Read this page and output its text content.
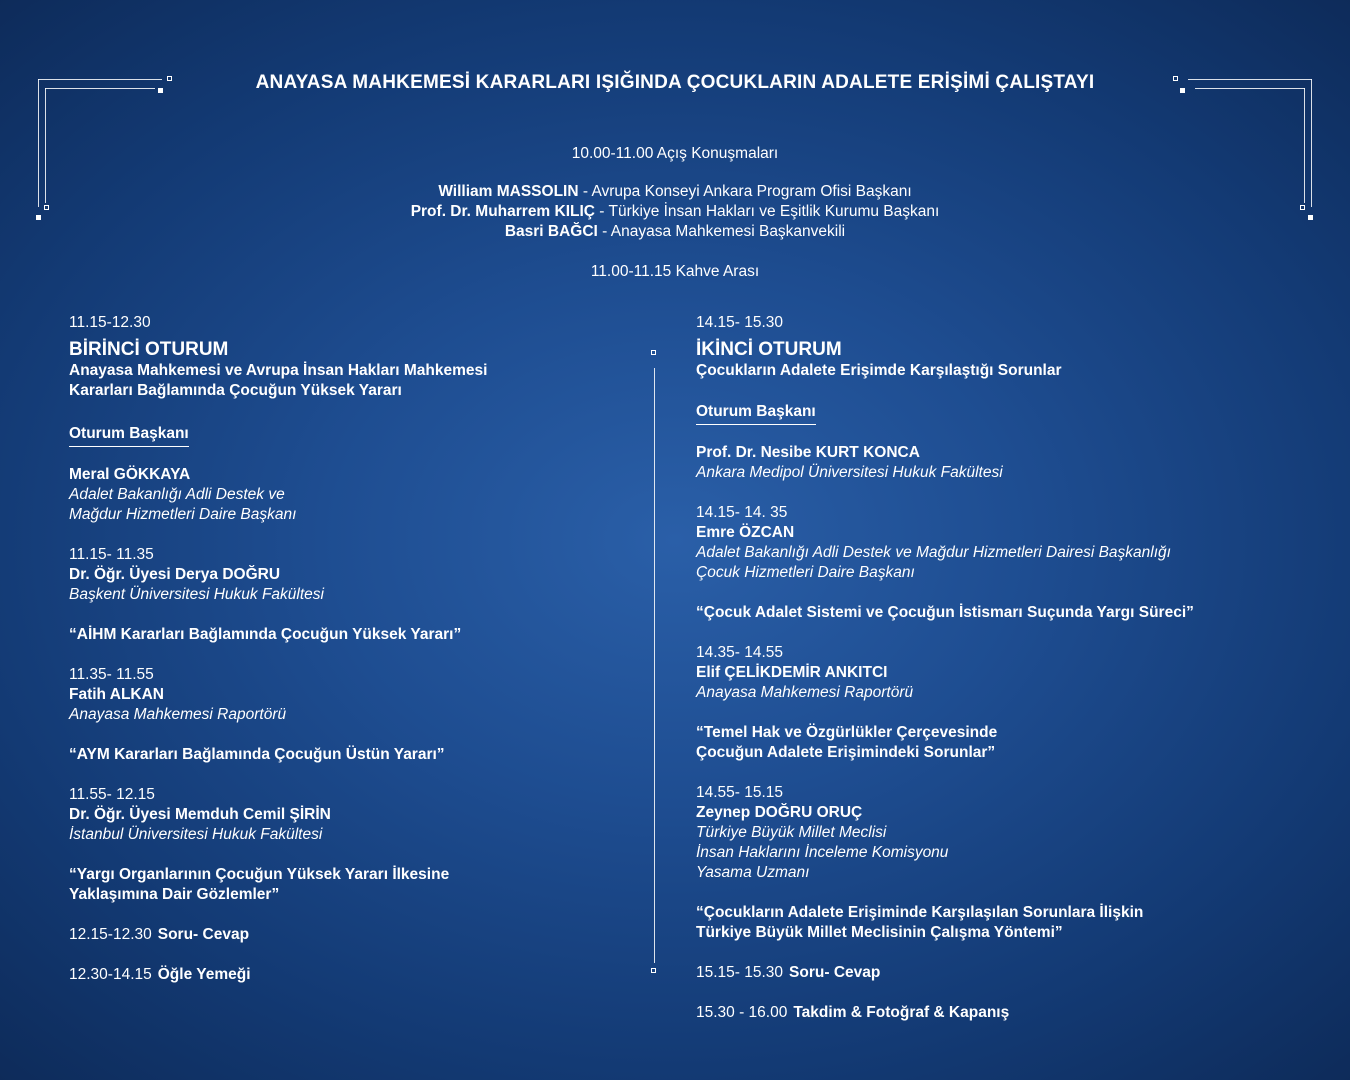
ANAYASA MAHKEMESİ KARARLARI IŞIĞINDA ÇOCUKLARIN ADALETE ERİŞİMİ ÇALIŞTAYI
10.00-11.00 Açış Konuşmaları
William MASSOLIN - Avrupa Konseyi Ankara Program Ofisi Başkanı
Prof. Dr. Muharrem KILIÇ - Türkiye İnsan Hakları ve Eşitlik Kurumu Başkanı
Basri BAĞCI - Anayasa Mahkemesi Başkanvekili
11.00-11.15 Kahve Arası
11.15-12.30
BİRİNCİ OTURUM
Anayasa Mahkemesi ve Avrupa İnsan Hakları Mahkemesi
Kararları Bağlamında Çocuğun Yüksek Yararı
Oturum Başkanı
Meral GÖKKAYA
Adalet Bakanlığı Adli Destek ve
Mağdur Hizmetleri Daire Başkanı
11.15- 11.35
Dr. Öğr. Üyesi Derya DOĞRU
Başkent Üniversitesi Hukuk Fakültesi
“AİHM Kararları Bağlamında Çocuğun Yüksek Yararı”
11.35- 11.55
Fatih ALKAN
Anayasa Mahkemesi Raportörü
“AYM Kararları Bağlamında Çocuğun Üstün Yararı”
11.55- 12.15
Dr. Öğr. Üyesi Memduh Cemil ŞİRİN
İstanbul Üniversitesi Hukuk Fakültesi
“Yargı Organlarının Çocuğun Yüksek Yararı İlkesine
Yaklaşımına Dair Gözlemler”
12.15-12.30 Soru- Cevap
12.30-14.15 Öğle Yemeği
14.15- 15.30
İKİNCİ OTURUM
Çocukların Adalete Erişimde Karşılaştığı Sorunlar
Oturum Başkanı
Prof. Dr. Nesibe KURT KONCA
Ankara Medipol Üniversitesi Hukuk Fakültesi
14.15- 14. 35
Emre ÖZCAN
Adalet Bakanlığı Adli Destek ve Mağdur Hizmetleri Dairesi Başkanlığı
Çocuk Hizmetleri Daire Başkanı
“Çocuk Adalet Sistemi ve Çocuğun İstismarı Suçunda Yargı Süreci”
14.35- 14.55
Elif ÇELİKDEMİR ANKITCI
Anayasa Mahkemesi Raportörü
“Temel Hak ve Özgürlükler Çerçevesinde
Çocuğun Adalete Erişimindeki Sorunlar”
14.55- 15.15
Zeynep DOĞRU ORUÇ
Türkiye Büyük Millet Meclisi
İnsan Haklarını İnceleme Komisyonu
Yasama Uzmanı
“Çocukların Adalete Erişiminde Karşılaşılan Sorunlara İlişkin
Türkiye Büyük Millet Meclisinin Çalışma Yöntemi”
15.15- 15.30 Soru- Cevap
15.30 - 16.00 Takdim & Fotoğraf & Kapanış
